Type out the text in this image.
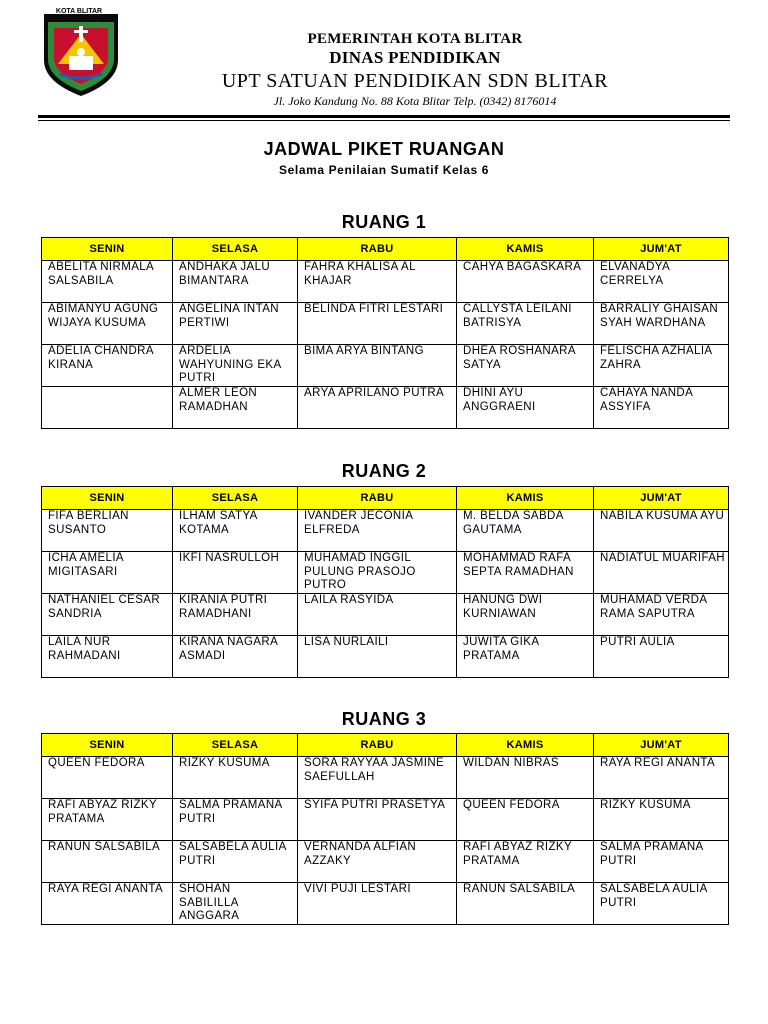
KOTA BLITAR
PEMERINTAH KOTA BLITAR
DINAS PENDIDIKAN
UPT SATUAN PENDIDIKAN SDN BLITAR
Jl. Joko Kandung No. 88 Kota Blitar Telp. (0342) 8176014
JADWAL PIKET RUANGAN
Selama Penilaian Sumatif Kelas 6
RUANG 1
SENIN	SELASA	RABU	KAMIS	JUM'AT
ABELITA NIRMALA SALSABILA	ANDHAKA JALU BIMANTARA	FAHRA KHALISA AL KHAJAR	CAHYA BAGASKARA	ELVANADYA CERRELYA
ABIMANYU AGUNG WIJAYA KUSUMA	ANGELINA INTAN PERTIWI	BELINDA FITRI LESTARI	CALLYSTA LEILANI BATRISYA	BARRALIY GHAISAN SYAH WARDHANA
ADELIA CHANDRA KIRANA	ARDELIA WAHYUNING EKA PUTRI	BIMA ARYA BINTANG	DHEA ROSHANARA SATYA	FELISCHA AZHALIA ZAHRA
	ALMER LEON RAMADHAN	ARYA APRILANO PUTRA	DHINI AYU ANGGRAENI	CAHAYA NANDA ASSYIFA
RUANG 2
SENIN	SELASA	RABU	KAMIS	JUM'AT
FIFA BERLIAN SUSANTO	ILHAM SATYA KOTAMA	IVANDER JECONIA ELFREDA	M. BELDA SABDA GAUTAMA	NABILA KUSUMA AYU
ICHA AMELIA MIGITASARI	IKFI NASRULLOH	MUHAMAD INGGIL PULUNG PRASOJO PUTRO	MOHAMMAD RAFA SEPTA RAMADHAN	NADIATUL MUARIFAH
NATHANIEL CESAR SANDRIA	KIRANIA PUTRI RAMADHANI	LAILA RASYIDA	HANUNG DWI KURNIAWAN	MUHAMAD VERDA RAMA SAPUTRA
LAILA NUR RAHMADANI	KIRANA NAGARA ASMADI	LISA NURLAILI	JUWITA GIKA PRATAMA	PUTRI AULIA
RUANG 3
SENIN	SELASA	RABU	KAMIS	JUM'AT
QUEEN FEDORA	RIZKY KUSUMA	SORA RAYYAA JASMINE SAEFULLAH	WILDAN NIBRAS	RAYA REGI ANANTA
RAFI ABYAZ RIZKY PRATAMA	SALMA PRAMANA PUTRI	SYIFA PUTRI PRASETYA	QUEEN FEDORA	RIZKY KUSUMA
RANUN SALSABILA	SALSABELA AULIA PUTRI	VERNANDA ALFIAN AZZAKY	RAFI ABYAZ RIZKY PRATAMA	SALMA PRAMANA PUTRI
RAYA REGI ANANTA	SHOHAN SABILILLA ANGGARA	VIVI PUJI LESTARI	RANUN SALSABILA	SALSABELA AULIA PUTRI
